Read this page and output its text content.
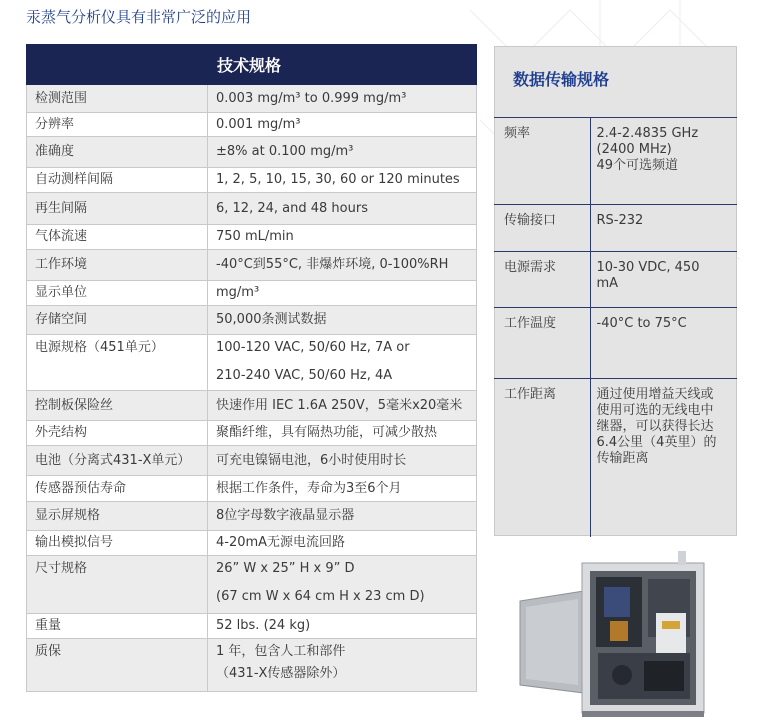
汞蒸气分析仪具有非常广泛的应用
技术规格	
检测范围	0.003 mg/m³ to 0.999 mg/m³
分辨率	0.001 mg/m³
准确度	±8% at 0.100 mg/m³
自动测样间隔	1, 2, 5, 10, 15, 30, 60 or 120 minutes
再生间隔	6, 12, 24, and 48 hours
气体流速	750 mL/min
工作环境	-40°C到55°C, 非爆炸环境, 0-100%RH
显示单位	mg/m³
存储空间	50,000条测试数据
电源规格（451单元）	100-120 VAC, 50/60 Hz, 7A or
210-240 VAC, 50/60 Hz, 4A

控制板保险丝	快速作用 IEC 1.6A 250V，5毫米x20毫米
外壳结构	聚酯纤维，具有隔热功能，可减少散热
电池（分离式431-X单元）	可充电镍镉电池，6小时使用时长
传感器预估寿命	根据工作条件，寿命为3至6个月
显示屏规格	8位字母数字液晶显示器
输出模拟信号	4-20mA无源电流回路
尺寸规格	26” W x 25” H x 9” D
(67 cm W x 64 cm H x 23 cm D)

重量	52 lbs. (24 kg)
质保	1 年，包含人工和部件
（431-X传感器除外）
数据传输规格
频率	2.4-2.4835 GHz
(2400 MHz)
49个可选频道

传输接口	RS-232

电源需求	10-30 VDC, 450
mA

工作温度	-40°C to 75°C

工作距离	通过使用增益天线或
使用可选的无线电中
继器，可以获得长达
6.4公里（4英里）的
传输距离
